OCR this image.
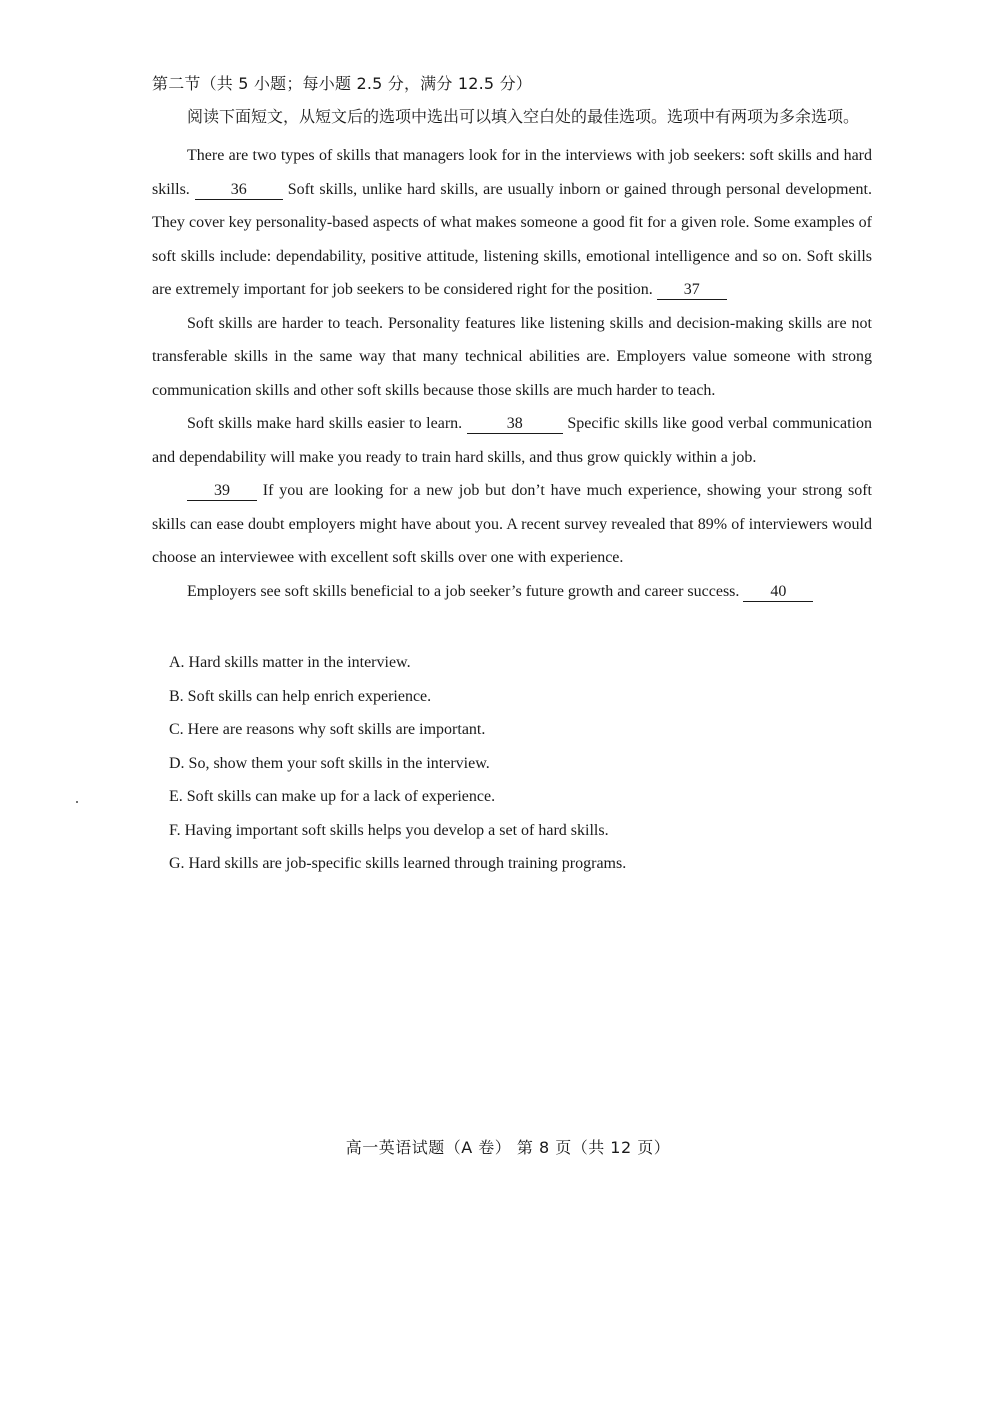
第二节（共 5 小题；每小题 2.5 分，满分 12.5 分）

阅读下面短文，从短文后的选项中选出可以填入空白处的最佳选项。选项中有两项为多余选项。

There are two types of skills that managers look for in the interviews with job seekers: soft skills and hard skills. 36 Soft skills, unlike hard skills, are usually inborn or gained through personal development. They cover key personality-based aspects of what makes someone a good fit for a given role. Some examples of soft skills include: dependability, positive attitude, listening skills, emotional intelligence and so on. Soft skills are extremely important for job seekers to be considered right for the position. 37

Soft skills are harder to teach. Personality features like listening skills and decision-making skills are not transferable skills in the same way that many technical abilities are. Employers value someone with strong communication skills and other soft skills because those skills are much harder to teach.

Soft skills make hard skills easier to learn.	38	Specific skills like good verbal communication and dependability will make you ready to train hard skills, and thus grow quickly within a job.

39 If you are looking for a new job but don’t have much experience, showing your strong soft skills can ease doubt employers might have about you. A recent survey revealed that 89% of interviewers would choose an interviewee with excellent soft skills over one with experience.

Employers see soft skills beneficial to a job seeker’s future growth and career success. 40

A. Hard skills matter in the interview.
B. Soft skills can help enrich experience.
C. Here are reasons why soft skills are important.
D. So, show them your soft skills in the interview.
E. Soft skills can make up for a lack of experience.
F. Having important soft skills helps you develop a set of hard skills.
G. Hard skills are job-specific skills learned through training programs.
高一英语试题（A 卷） 第 8 页（共 12 页）
